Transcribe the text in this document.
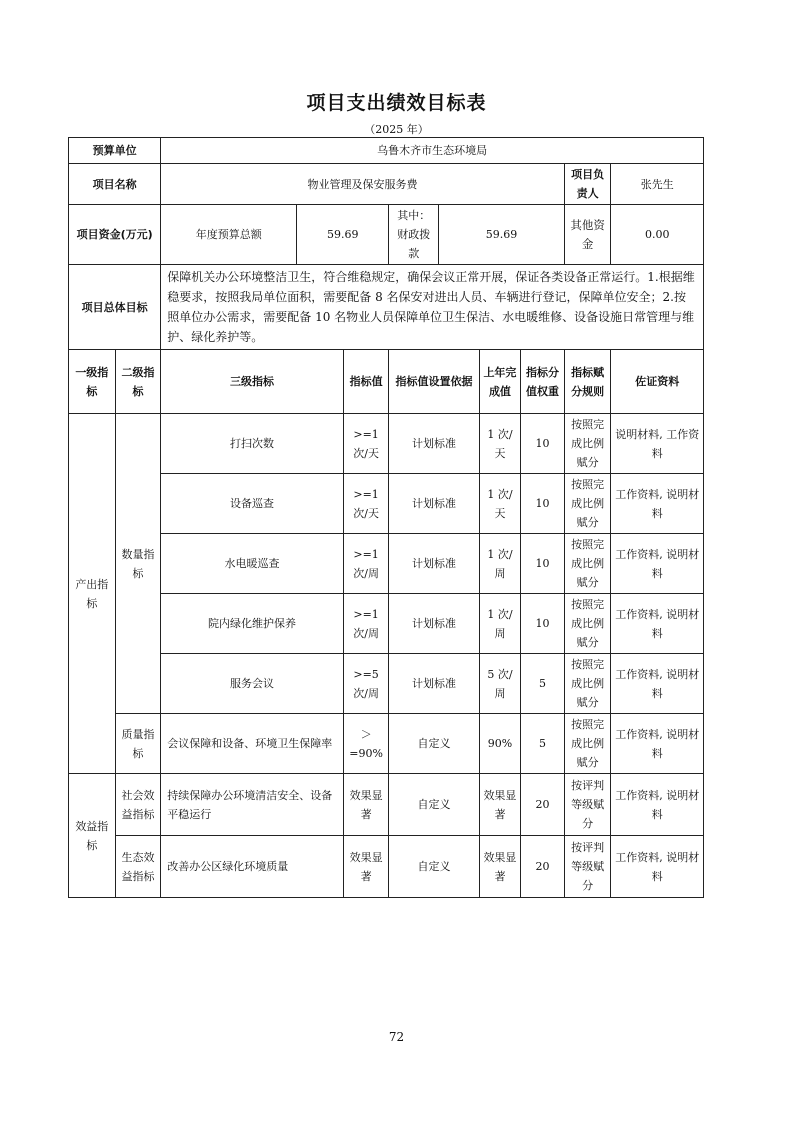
项目支出绩效目标表
（2025 年）
预算单位		乌鲁木齐市生态环境局								
项目名称		物业管理及保安服务费							项目负责人	张先生
项目资金(万元)		年度预算总额	59.69		其中：财政拨款	59.69			其他资金	0.00
项目总体目标		保障机关办公环境整洁卫生，符合维稳规定，确保会议正常开展，保证各类设备正常运行。1.根据维稳要求，按照我局单位面积，需要配备 8 名保安对进出人员、车辆进行登记，保障单位安全；2.按照单位办公需求，需要配备 10 名物业人员保障单位卫生保洁、水电暖维修、设备设施日常管理与维护、绿化养护等。								
一级指标	二级指标	三级指标		指标值	指标值设置依据		上年完成值	指标分值权重	指标赋分规则	佐证资料
产出指标	数量指标	打扫次数		>=1 次/天	计划标准		1 次/天	10	按照完成比例赋分	说明材料, 工作资料
		设备巡查		>=1 次/天	计划标准		1 次/天	10	按照完成比例赋分	工作资料, 说明材料
		水电暖巡查		>=1 次/周	计划标准		1 次/周	10	按照完成比例赋分	工作资料, 说明材料
		院内绿化维护保养		>=1 次/周	计划标准		1 次/周	10	按照完成比例赋分	工作资料, 说明材料
		服务会议		>=5 次/周	计划标准		5 次/周	5	按照完成比例赋分	工作资料, 说明材料
	质量指标	会议保障和设备、环境卫生保障率		＞ =90%	自定义		90%	5	按照完成比例赋分	工作资料, 说明材料
效益指标	社会效益指标	持续保障办公环境清洁安全、设备平稳运行		效果显著	自定义		效果显著	20	按评判等级赋分	工作资料, 说明材料
	生态效益指标	改善办公区绿化环境质量		效果显著	自定义		效果显著	20	按评判等级赋分	工作资料, 说明材料
72
